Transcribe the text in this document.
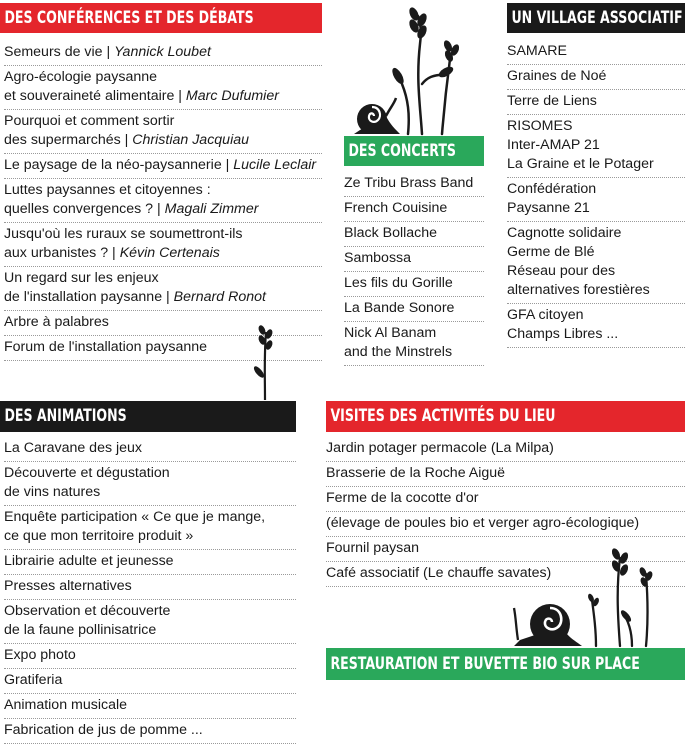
DES CONFÉRENCES ET DES DÉBATS	UN VILLAGE ASSOCIATIF
DES CONCERTS
DES ANIMATIONS	VISITES DES ACTIVITÉS DU LIEU
RESTAURATION ET BUVETTE BIO SUR PLACE
Semeurs de vie | Yannick Loubet
Agro-écologie paysanne
et souveraineté alimentaire | Marc Dufumier
Pourquoi et comment sortir
des supermarchés | Christian Jacquiau
Le paysage de la néo-paysannerie | Lucile Leclair
Luttes paysannes et citoyennes :
quelles convergences ? | Magali Zimmer
Jusqu'où les ruraux se soumettront-ils
aux urbanistes ? | Kévin Certenais
Un regard sur les enjeux
de l'installation paysanne | Bernard Ronot
Arbre à palabres
Forum de l'installation paysanne
Ze Tribu Brass Band
French Couisine
Black Bollache
Sambossa
Les fils du Gorille
La Bande Sonore
Nick Al Banam
and the Minstrels
SAMARE
Graines de Noé
Terre de Liens
RISOMES
Inter-AMAP 21
La Graine et le Potager
Confédération
Paysanne 21
Cagnotte solidaire
Germe de Blé
Réseau pour des
alternatives forestières
GFA citoyen
Champs Libres ...
La Caravane des jeux
Découverte et dégustation
de vins natures
Enquête participation « Ce que je mange,
ce que mon territoire produit »
Librairie adulte et jeunesse
Presses alternatives
Observation et découverte
de la faune pollinisatrice
Expo photo
Gratiferia
Animation musicale
Fabrication de jus de pomme ...
Jardin potager permacole (La Milpa)
Brasserie de la Roche Aiguë
Ferme de la cocotte d'or
(élevage de poules bio et verger agro-écologique)
Fournil paysan
Café associatif (Le chauffe savates)
